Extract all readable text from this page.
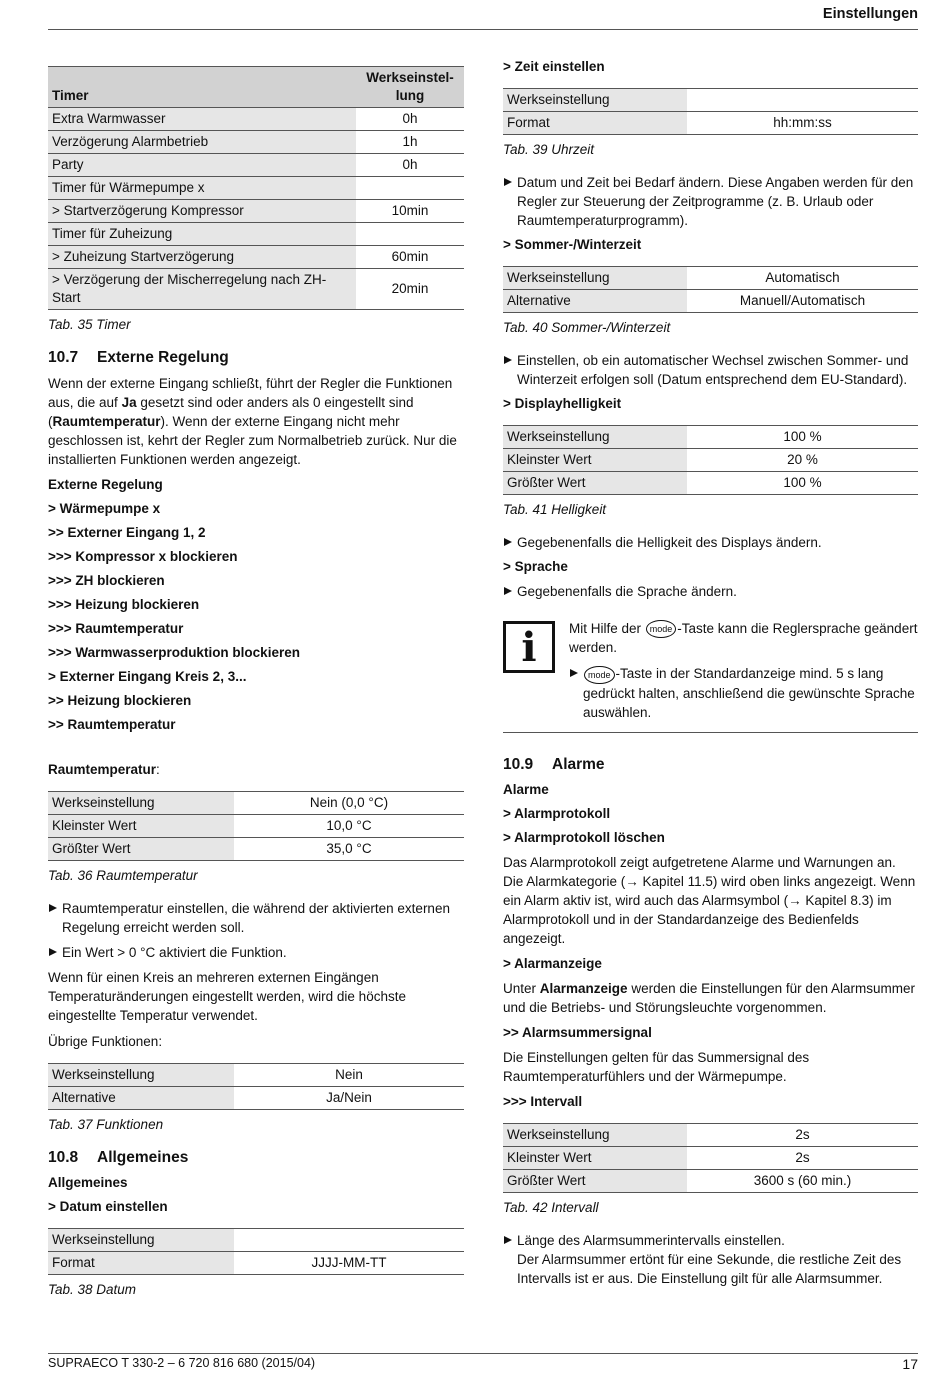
Einstellungen
Timer	Werkseinstel-
lung
Extra Warmwasser	0h
Verzögerung Alarmbetrieb	1h
Party	0h
Timer für Wärmepumpe x	
> Startverzögerung Kompressor	10min
Timer für Zuheizung	
> Zuheizung Startverzögerung	60min
> Verzögerung der Mischerregelung nach ZH-Start	20min
Tab. 35 Timer
10.7 Externe Regelung

Wenn der externe Eingang schließt, führt der Regler die Funktionen aus, die auf Ja gesetzt sind oder anders als 0 eingestellt sind (Raumtemperatur). Wenn der externe Eingang nicht mehr geschlossen ist, kehrt der Regler zum Normalbetrieb zurück. Nur die installierten Funktionen werden angezeigt.

Externe Regelung
> Wärmepumpe x
>> Externer Eingang 1, 2
>>> Kompressor x blockieren
>>> ZH blockieren
>>> Heizung blockieren
>>> Raumtemperatur
>>> Warmwasserproduktion blockieren
> Externer Eingang Kreis 2, 3...
>> Heizung blockieren
>> Raumtemperatur

Raumtemperatur:

Werkseinstellung	Nein (0,0 °C)
Kleinster Wert	10,0 °C
Größter Wert	35,0 °C
Tab. 36 Raumtemperatur
Raumtemperatur einstellen, die während der aktivierten externen Regelung erreicht werden soll.
Ein Wert > 0 °C aktiviert die Funktion.

Wenn für einen Kreis an mehreren externen Eingängen Temperaturänderungen eingestellt werden, wird die höchste eingestellte Temperatur verwendet.

Übrige Funktionen:

Werkseinstellung	Nein
Alternative	Ja/Nein
Tab. 37 Funktionen
10.8 Allgemeines
Allgemeines
> Datum einstellen
Werkseinstellung	
Format	JJJJ-MM-TT
Tab. 38 Datum
> Zeit einstellen
Werkseinstellung	
Format	hh:mm:ss
Tab. 39 Uhrzeit
Datum und Zeit bei Bedarf ändern. Diese Angaben werden für den Regler zur Steuerung der Zeitprogramme (z. B. Urlaub oder Raumtemperaturprogramm).
> Sommer-/Winterzeit
Werkseinstellung	Automatisch
Alternative	Manuell/Automatisch
Tab. 40 Sommer-/Winterzeit
Einstellen, ob ein automatischer Wechsel zwischen Sommer- und Winterzeit erfolgen soll (Datum entsprechend dem EU-Standard).
> Displayhelligkeit
Werkseinstellung	100 %
Kleinster Wert	20 %
Größter Wert	100 %
Tab. 41 Helligkeit
Gegebenenfalls die Helligkeit des Displays ändern.
> Sprache
Gegebenenfalls die Sprache ändern.
i	Mit Hilfe der mode -Taste kann die Reglersprache geändert werden.

mode -Taste in der Standardanzeige mind. 5 s lang gedrückt halten, anschließend die gewünschte Sprache auswählen.
10.9 Alarme
Alarme
> Alarmprotokoll
> Alarmprotokoll löschen

Das Alarmprotokoll zeigt aufgetretene Alarme und Warnungen an. Die Alarmkategorie (→ Kapitel 11.5) wird oben links angezeigt. Wenn ein Alarm aktiv ist, wird auch das Alarmsymbol (→ Kapitel 8.3) im Alarmprotokoll und in der Standardanzeige des Bedienfelds angezeigt.

> Alarmanzeige

Unter Alarmanzeige werden die Einstellungen für den Alarmsummer und die Betriebs- und Störungsleuchte vorgenommen.

>> Alarmsummersignal

Die Einstellungen gelten für das Summersignal des Raumtemperaturfühlers und der Wärmepumpe.

>>> Intervall
Werkseinstellung	2s
Kleinster Wert	2s
Größter Wert	3600 s (60 min.)
Tab. 42 Intervall
Länge des Alarmsummerintervalls einstellen.
Der Alarmsummer ertönt für eine Sekunde, die restliche Zeit des Intervalls ist er aus. Die Einstellung gilt für alle Alarmsummer.
SUPRAECO T 330-2 – 6 720 816 680 (2015/04)	17
